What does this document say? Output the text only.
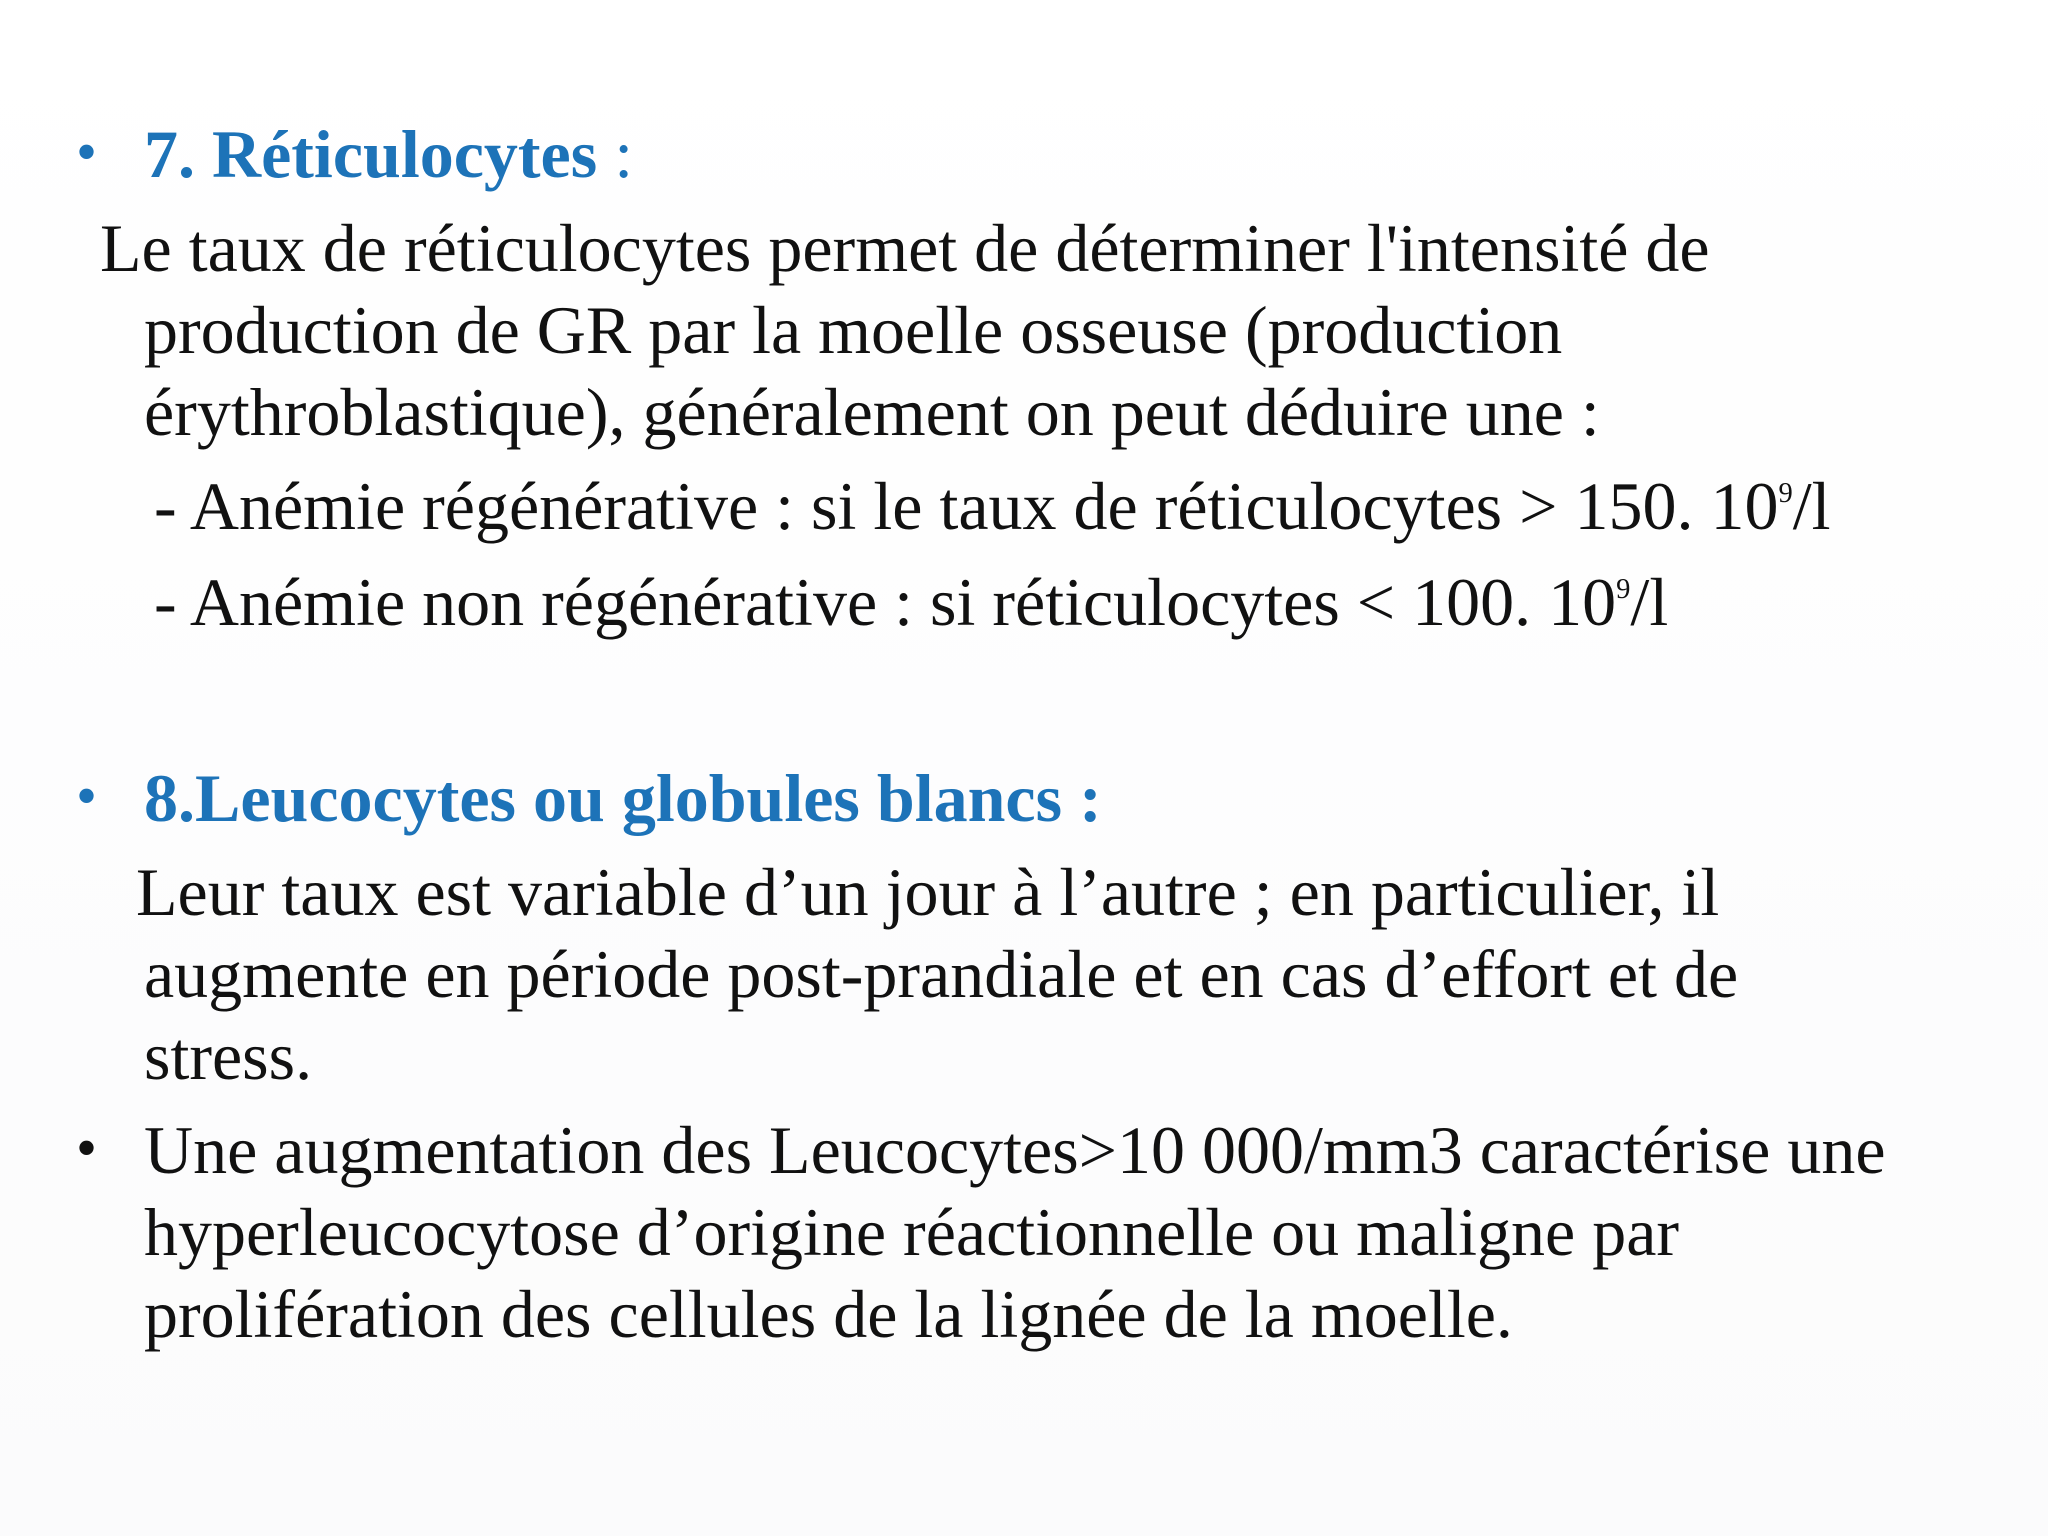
• 7. Réticulocytes :
Le taux de réticulocytes permet de déterminer l'intensité de
production de GR par la moelle osseuse (production
érythroblastique), généralement on peut déduire une :
- Anémie régénérative : si le taux de réticulocytes > 150. $10^9/l$
- Anémie non régénérative : si réticulocytes < 100. $10^9/l$
• 8.Leucocytes ou globules blancs :
Leur taux est variable d’un jour à l’autre ; en particulier, il
augmente en période post-prandiale et en cas d’effort et de
stress.
• Une augmentation des Leucocytes>10 000/mm3 caractérise une
hyperleucocytose d’origine réactionnelle ou maligne par
prolifération des cellules de la lignée de la moelle.
